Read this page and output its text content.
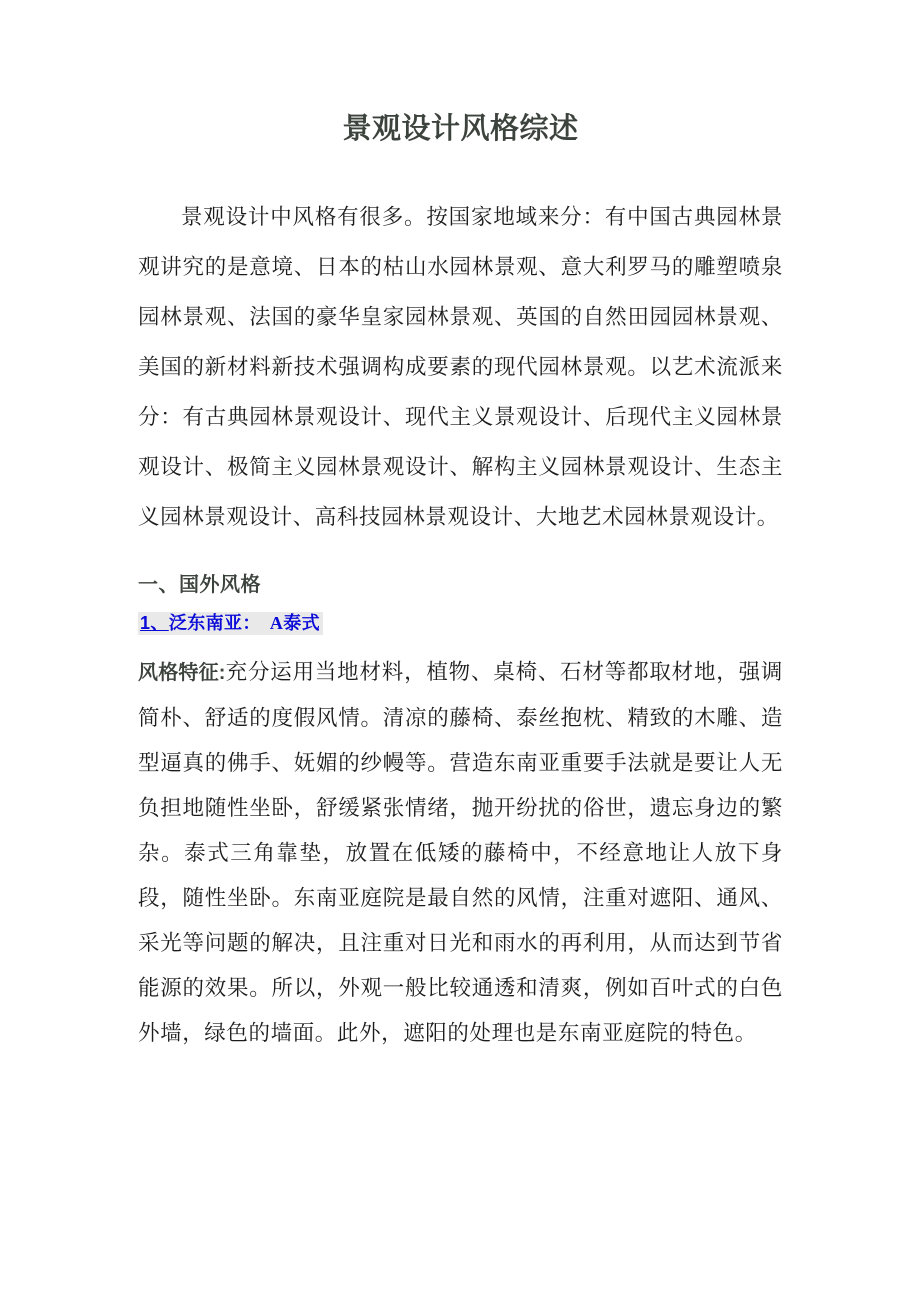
景观设计风格综述

景观设计中风格有很多。按国家地域来分：有中国古典园林景观讲究的是意境、日本的枯山水园林景观、意大利罗马的雕塑喷泉园林景观、法国的豪华皇家园林景观、英国的自然田园园林景观、美国的新材料新技术强调构成要素的现代园林景观。以艺术流派来分：有古典园林景观设计、现代主义景观设计、后现代主义园林景观设计、极简主义园林景观设计、解构主义园林景观设计、生态主义园林景观设计、高科技园林景观设计、大地艺术园林景观设计。

一、国外风格

1、泛东南亚： A泰式

风格特征:充分运用当地材料，植物、桌椅、石材等都取材地，强调简朴、舒适的度假风情。清凉的藤椅、泰丝抱枕、精致的木雕、造型逼真的佛手、妩媚的纱幔等。营造东南亚重要手法就是要让人无负担地随性坐卧，舒缓紧张情绪，抛开纷扰的俗世，遗忘身边的繁杂。泰式三角靠垫，放置在低矮的藤椅中，不经意地让人放下身段，随性坐卧。东南亚庭院是最自然的风情，注重对遮阳、通风、采光等问题的解决，且注重对日光和雨水的再利用，从而达到节省能源的效果。所以，外观一般比较通透和清爽，例如百叶式的白色外墙，绿色的墙面。此外，遮阳的处理也是东南亚庭院的特色。
